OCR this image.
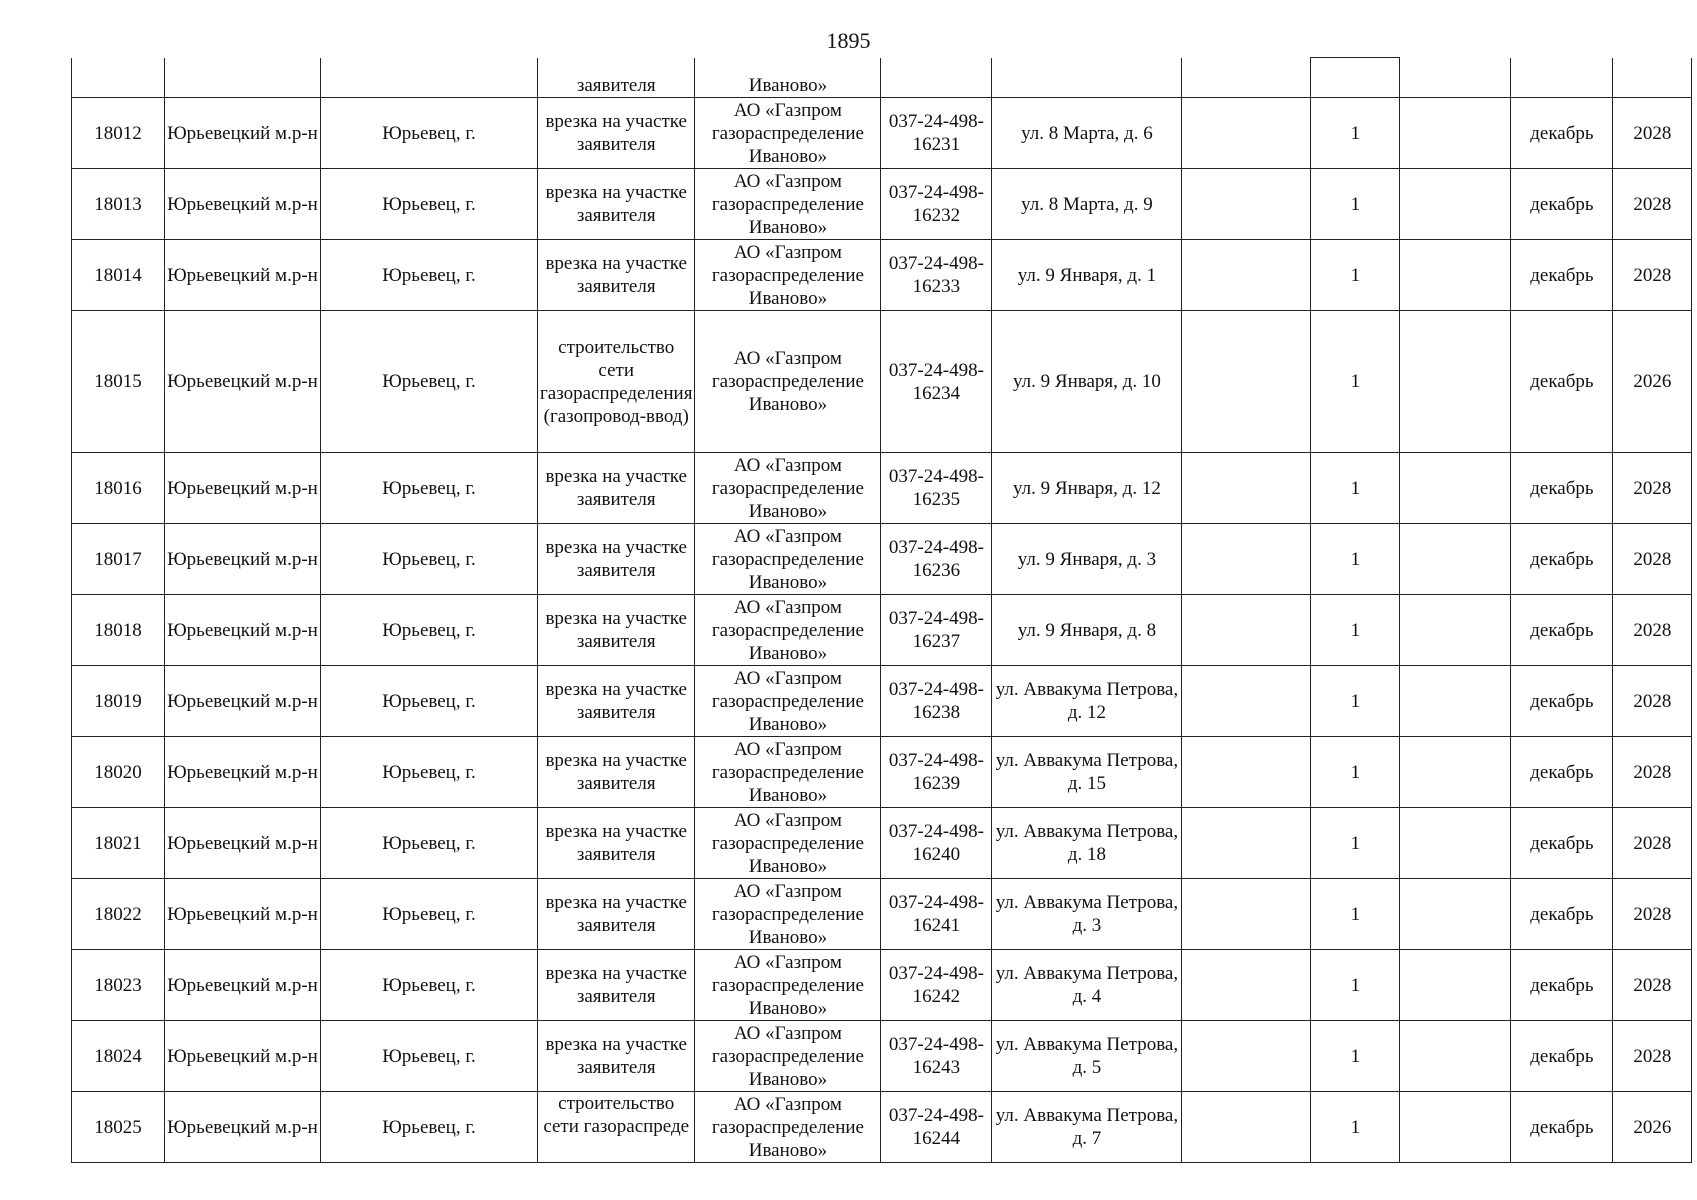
1895
			заявителя	Иваново»							
18012	Юрьевецкий м.р-н	Юрьевец, г.	врезка на участке заявителя	АО «Газпром газораспределение Иваново»	037-24-498-16231	ул. 8 Марта, д. 6		1		декабрь	2028
18013	Юрьевецкий м.р-н	Юрьевец, г.	врезка на участке заявителя	АО «Газпром газораспределение Иваново»	037-24-498-16232	ул. 8 Марта, д. 9		1		декабрь	2028
18014	Юрьевецкий м.р-н	Юрьевец, г.	врезка на участке заявителя	АО «Газпром газораспределение Иваново»	037-24-498-16233	ул. 9 Января, д. 1		1		декабрь	2028
18015	Юрьевецкий м.р-н	Юрьевец, г.	строительство сети газораспределения (газопровод-ввод)	АО «Газпром газораспределение Иваново»	037-24-498-16234	ул. 9 Января, д. 10		1		декабрь	2026
18016	Юрьевецкий м.р-н	Юрьевец, г.	врезка на участке заявителя	АО «Газпром газораспределение Иваново»	037-24-498-16235	ул. 9 Января, д. 12		1		декабрь	2028
18017	Юрьевецкий м.р-н	Юрьевец, г.	врезка на участке заявителя	АО «Газпром газораспределение Иваново»	037-24-498-16236	ул. 9 Января, д. 3		1		декабрь	2028
18018	Юрьевецкий м.р-н	Юрьевец, г.	врезка на участке заявителя	АО «Газпром газораспределение Иваново»	037-24-498-16237	ул. 9 Января, д. 8		1		декабрь	2028
18019	Юрьевецкий м.р-н	Юрьевец, г.	врезка на участке заявителя	АО «Газпром газораспределение Иваново»	037-24-498-16238	ул. Аввакума Петрова, д. 12		1		декабрь	2028
18020	Юрьевецкий м.р-н	Юрьевец, г.	врезка на участке заявителя	АО «Газпром газораспределение Иваново»	037-24-498-16239	ул. Аввакума Петрова, д. 15		1		декабрь	2028
18021	Юрьевецкий м.р-н	Юрьевец, г.	врезка на участке заявителя	АО «Газпром газораспределение Иваново»	037-24-498-16240	ул. Аввакума Петрова, д. 18		1		декабрь	2028
18022	Юрьевецкий м.р-н	Юрьевец, г.	врезка на участке заявителя	АО «Газпром газораспределение Иваново»	037-24-498-16241	ул. Аввакума Петрова, д. 3		1		декабрь	2028
18023	Юрьевецкий м.р-н	Юрьевец, г.	врезка на участке заявителя	АО «Газпром газораспределение Иваново»	037-24-498-16242	ул. Аввакума Петрова, д. 4		1		декабрь	2028
18024	Юрьевецкий м.р-н	Юрьевец, г.	врезка на участке заявителя	АО «Газпром газораспределение Иваново»	037-24-498-16243	ул. Аввакума Петрова, д. 5		1		декабрь	2028
18025	Юрьевецкий м.р-н	Юрьевец, г.	строительство сети газораспреде	АО «Газпром газораспределение Иваново»	037-24-498-16244	ул. Аввакума Петрова, д. 7		1		декабрь	2026
